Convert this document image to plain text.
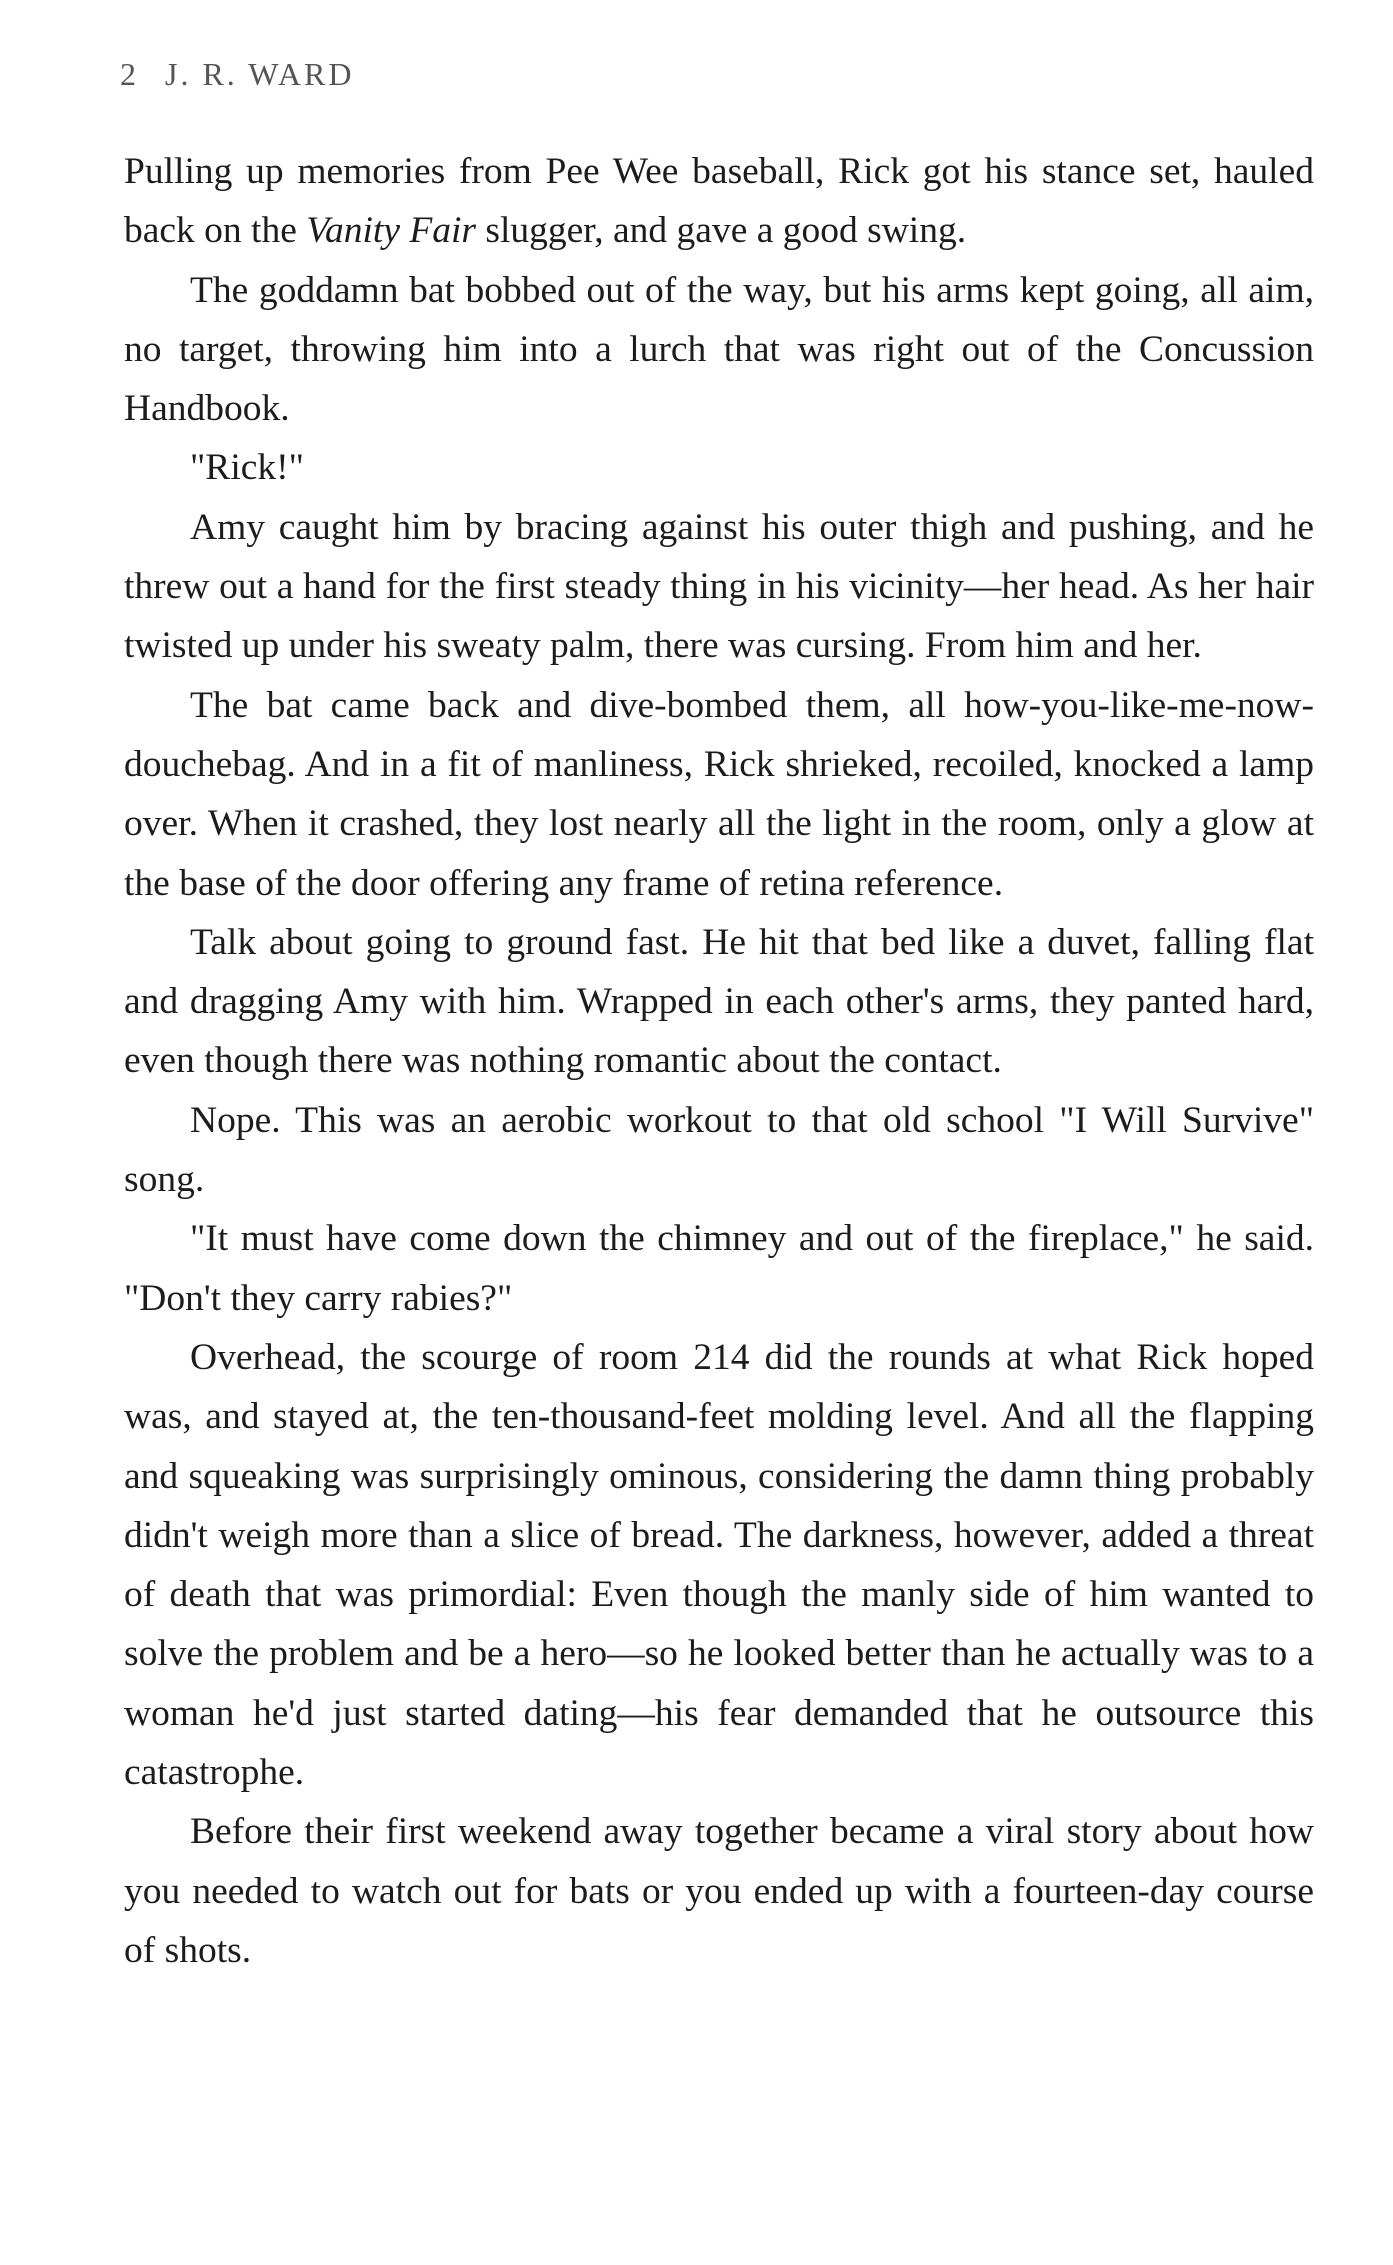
2 J. R. WARD

Pulling up memories from Pee Wee baseball, Rick got his stance set, hauled back on the Vanity Fair slugger, and gave a good swing.

The goddamn bat bobbed out of the way, but his arms kept going, all aim, no target, throwing him into a lurch that was right out of the Concussion Handbook.

"Rick!"

Amy caught him by bracing against his outer thigh and pushing, and he threw out a hand for the first steady thing in his vicinity—her head. As her hair twisted up under his sweaty palm, there was cursing. From him and her.

The bat came back and dive-bombed them, all how-you-like-me-now-douchebag. And in a fit of manliness, Rick shrieked, recoiled, knocked a lamp over. When it crashed, they lost nearly all the light in the room, only a glow at the base of the door offering any frame of retina reference.

Talk about going to ground fast. He hit that bed like a duvet, falling flat and dragging Amy with him. Wrapped in each other's arms, they panted hard, even though there was nothing romantic about the contact.

Nope. This was an aerobic workout to that old school "I Will Survive" song.

"It must have come down the chimney and out of the fireplace," he said. "Don't they carry rabies?"

Overhead, the scourge of room 214 did the rounds at what Rick hoped was, and stayed at, the ten-thousand-feet molding level. And all the flapping and squeaking was surprisingly ominous, considering the damn thing probably didn't weigh more than a slice of bread. The darkness, however, added a threat of death that was primordial: Even though the manly side of him wanted to solve the problem and be a hero—so he looked better than he actually was to a woman he'd just started dating—his fear demanded that he outsource this catastrophe.

Before their first weekend away together became a viral story about how you needed to watch out for bats or you ended up with a fourteen-day course of shots.
